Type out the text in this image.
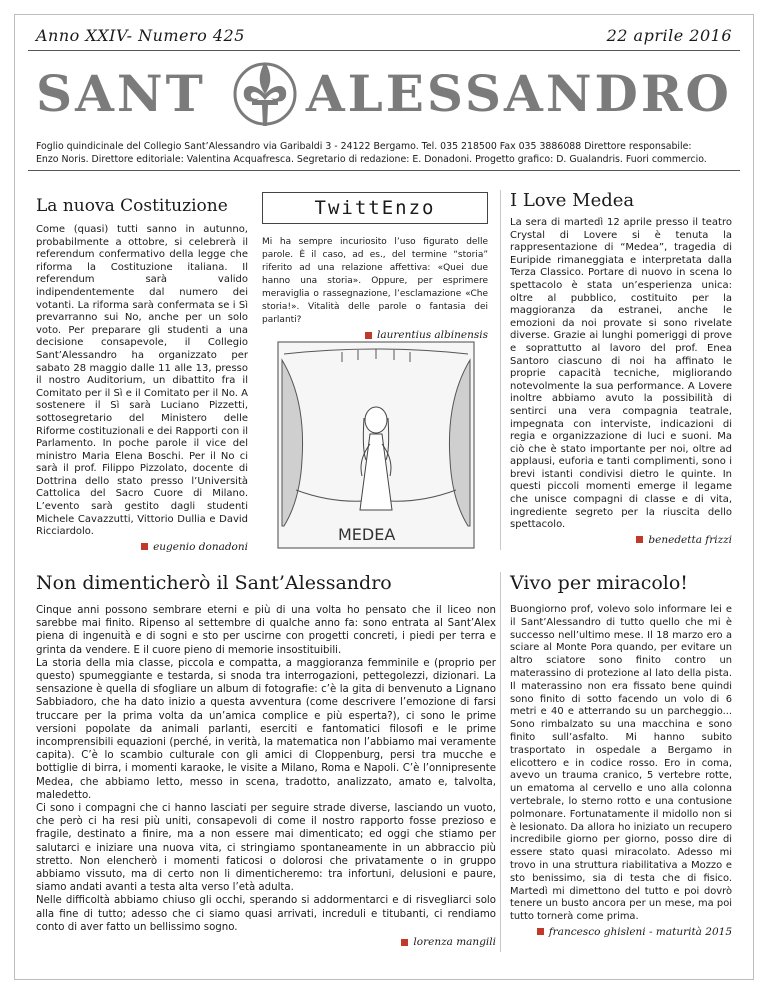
Anno XXIV- Numero 425	22 aprile 2016
SANT ALESSANDRO
Foglio quindicinale del Collegio Sant’Alessandro via Garibaldi 3 - 24122 Bergamo. Tel. 035 218500 Fax 035 3886088 Direttore responsabile:
Enzo Noris. Direttore editoriale: Valentina Acquafresca. Segretario di redazione: E. Donadoni. Progetto grafico: D. Gualandris. Fuori commercio.
La nuova Costituzione
Come (quasi) tutti sanno in autunno, probabilmente a ottobre, si celebrerà il referendum confermativo della legge che riforma la Costituzione italiana. Il referendum sarà valido indipendentemente dal numero dei votanti. La riforma sarà confermata se i Sì prevarranno sui No, anche per un solo voto. Per preparare gli studenti a una decisione consapevole, il Collegio Sant’Alessandro ha organizzato per sabato 28 maggio dalle 11 alle 13, presso il nostro Auditorium, un dibattito fra il Comitato per il Sì e il Comitato per il No. A sostenere il Sì sarà Luciano Pizzetti, sottosegretario del Ministero delle Riforme costituzionali e dei Rapporti con il Parlamento. In poche parole il vice del ministro Maria Elena Boschi. Per il No ci sarà il prof. Filippo Pizzolato, docente di Dottrina dello stato presso l’Università Cattolica del Sacro Cuore di Milano. L’evento sarà gestito dagli studenti Michele Cavazzutti, Vittorio Dullia e David Ricciardolo.
eugenio donadoni
TwittEnzo
Mi ha sempre incuriosito l’uso figurato delle parole. È il caso, ad es., del termine “storia” riferito ad una relazione affettiva: «Quei due hanno una storia». Oppure, per esprimere meraviglia o rassegnazione, l’esclamazione «Che storia!». Vitalità delle parole o fantasia dei parlanti?
laurentius albinensis
MEDEA
I Love Medea
La sera di martedì 12 aprile presso il teatro Crystal di Lovere si è tenuta la rappresentazione di “Medea”, tragedia di Euripide rimaneggiata e interpretata dalla Terza Classico. Portare di nuovo in scena lo spettacolo è stata un’esperienza unica: oltre al pubblico, costituito per la maggioranza da estranei, anche le emozioni da noi provate si sono rivelate diverse. Grazie ai lunghi pomeriggi di prove e soprattutto al lavoro del prof. Enea Santoro ciascuno di noi ha affinato le proprie capacità tecniche, migliorando notevolmente la sua performance. A Lovere inoltre abbiamo avuto la possibilità di sentirci una vera compagnia teatrale, impegnata con interviste, indicazioni di regia e organizzazione di luci e suoni. Ma ciò che è stato importante per noi, oltre ad applausi, euforia e tanti complimenti, sono i brevi istanti condivisi dietro le quinte. In questi piccoli momenti emerge il legame che unisce compagni di classe e di vita, ingrediente segreto per la riuscita dello spettacolo.
benedetta frizzi
Non dimenticherò il Sant’Alessandro

Cinque anni possono sembrare eterni e più di una volta ho pensato che il liceo non sarebbe mai finito. Ripenso al settembre di qualche anno fa: sono entrata al Sant’Alex piena di ingenuità e di sogni e sto per uscirne con progetti concreti, i piedi per terra e grinta da vendere. E il cuore pieno di memorie insostituibili.

La storia della mia classe, piccola e compatta, a maggioranza femminile e (proprio per questo) spumeggiante e testarda, si snoda tra interrogazioni, pettegolezzi, dizionari. La sensazione è quella di sfogliare un album di fotografie: c’è la gita di benvenuto a Lignano Sabbiadoro, che ha dato inizio a questa avventura (come descrivere l’emozione di farsi truccare per la prima volta da un’amica complice e più esperta?), ci sono le prime versioni popolate da animali parlanti, eserciti e fantomatici filosofi e le prime incomprensibili equazioni (perché, in verità, la matematica non l’abbiamo mai veramente capita). C’è lo scambio culturale con gli amici di Cloppenburg, persi tra mucche e bottiglie di birra, i momenti karaoke, le visite a Milano, Roma e Napoli. C’è l’onnipresente Medea, che abbiamo letto, messo in scena, tradotto, analizzato, amato e, talvolta, maledetto.

Ci sono i compagni che ci hanno lasciati per seguire strade diverse, lasciando un vuoto, che però ci ha resi più uniti, consapevoli di come il nostro rapporto fosse prezioso e fragile, destinato a finire, ma a non essere mai dimenticato; ed oggi che stiamo per salutarci e iniziare una nuova vita, ci stringiamo spontaneamente in un abbraccio più stretto. Non elencherò i momenti faticosi o dolorosi che privatamente o in gruppo abbiamo vissuto, ma di certo non li dimenticheremo: tra infortuni, delusioni e paure, siamo andati avanti a testa alta verso l’età adulta.

Nelle difficoltà abbiamo chiuso gli occhi, sperando si addormentarci e di risvegliarci solo alla fine di tutto; adesso che ci siamo quasi arrivati, increduli e titubanti, ci rendiamo conto di aver fatto un bellissimo sogno.

lorenza mangili
Vivo per miracolo!
Buongiorno prof, volevo solo informare lei e il Sant’Alessandro di tutto quello che mi è successo nell’ultimo mese. Il 18 marzo ero a sciare al Monte Pora quando, per evitare un altro sciatore sono finito contro un materassino di protezione al lato della pista. Il materassino non era fissato bene quindi sono finito di sotto facendo un volo di 6 metri e 40 e atterrando su un parcheggio... Sono rimbalzato su una macchina e sono finito sull’asfalto. Mi hanno subito trasportato in ospedale a Bergamo in elicottero e in codice rosso. Ero in coma, avevo un trauma cranico, 5 vertebre rotte, un ematoma al cervello e uno alla colonna vertebrale, lo sterno rotto e una contusione polmonare. Fortunatamente il midollo non si è lesionato. Da allora ho iniziato un recupero incredibile giorno per giorno, posso dire di essere stato quasi miracolato. Adesso mi trovo in una struttura riabilitativa a Mozzo e sto benissimo, sia di testa che di fisico. Martedì mi dimettono del tutto e poi dovrò tenere un busto ancora per un mese, ma poi tutto tornerà come prima.
francesco ghisleni - maturità 2015
